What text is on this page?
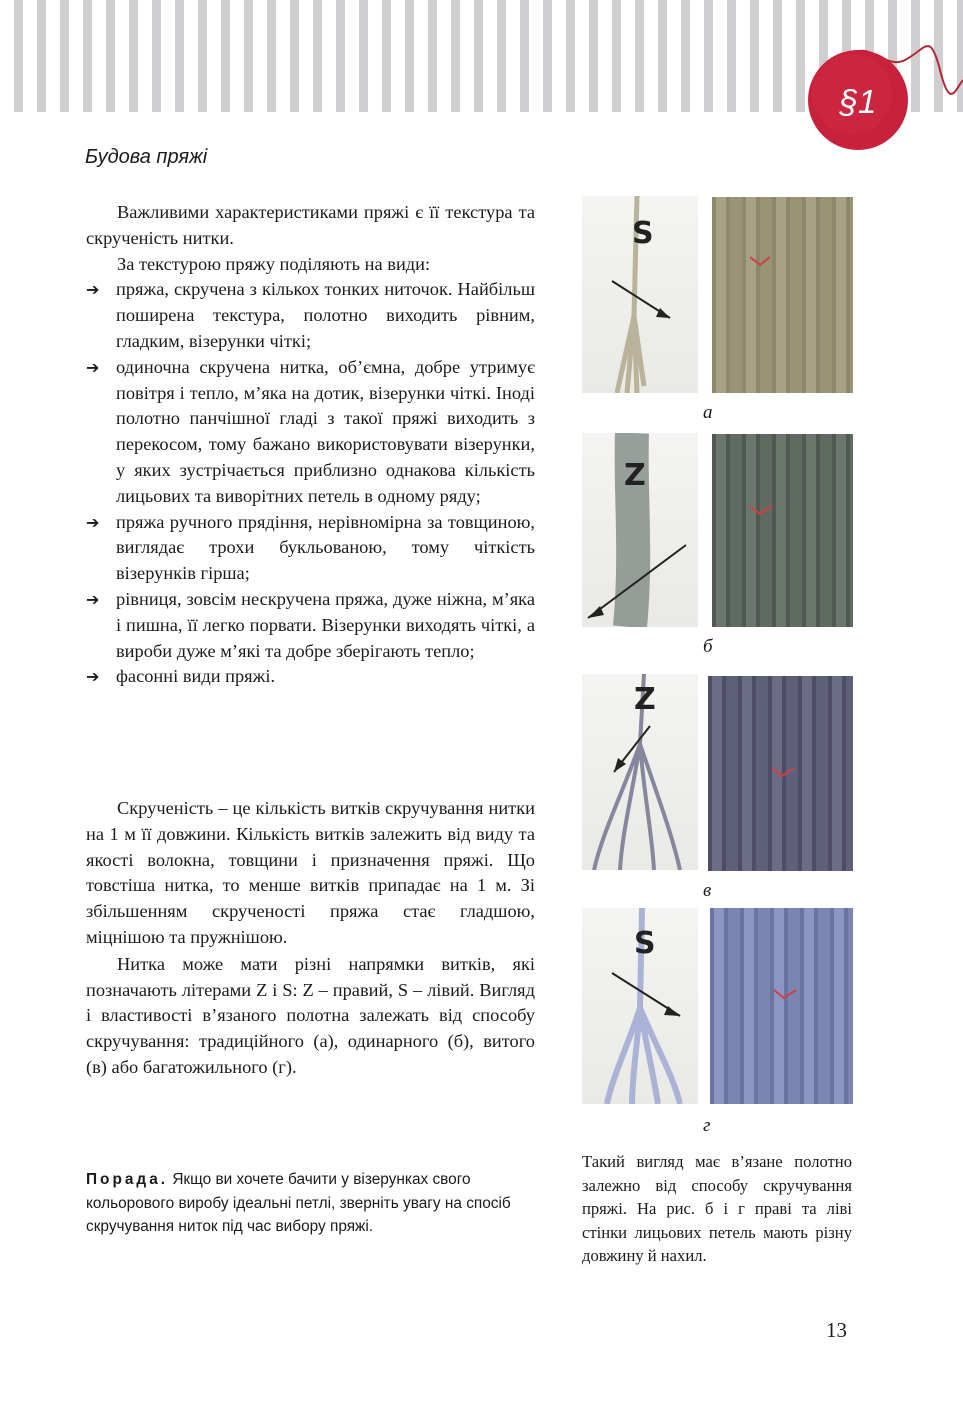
§1
Будова пряжі

Важливими характеристиками пряжі є її текстура та скрученість нитки.

За текстурою пряжу поділяють на види:

➔ пряжа, скручена з кількох тонких ниточок. Найбільш поширена текстура, полотно виходить рівним, гладким, візерунки чіткі;
➔ одиночна скручена нитка, об’ємна, добре утримує повітря і тепло, м’яка на дотик, візерунки чіткі. Іноді полотно панчішної гладі з такої пряжі виходить з перекосом, тому бажано використовувати візерунки, у яких зустрічається приблизно однакова кількість лицьових та виворітних петель в одному ряду;
➔ пряжа ручного прядіння, нерівномірна за товщиною, виглядає трохи букльованою, тому чіткість візерунків гірша;
➔ рівниця, зовсім нескручена пряжа, дуже ніжна, м’яка і пишна, її легко порвати. Візерунки виходять чіткі, а вироби дуже м’які та добре зберігають тепло;
➔ фасонні види пряжі.

Скрученість – це кількість витків скручування нитки на 1 м її довжини. Кількість витків залежить від виду та якості волокна, товщини і призначення пряжі. Що товстіша нитка, то менше витків припадає на 1 м. Зі збільшенням скрученості пряжа стає гладшою, міцнішою та пружнішою.

Нитка може мати різні напрямки витків, які позначають літерами Z і S: Z – правий, S – лівий. Вигляд і властивості в’язаного полотна залежать від способу скручування: традиційного (а), одинарного (б), витого (в) або багатожильного (г).

Порада. Якщо ви хочете бачити у візерунках свого кольорового виробу ідеальні петлі, зверніть увагу на спосіб скручування ниток під час вибору пряжі.
S
а
Z
б
Z
в
S
г
Такий вигляд має в’язане полотно залежно від способу скручування пряжі. На рис. б і г праві та ліві стінки лицьових петель мають різну довжину й нахил.
13
